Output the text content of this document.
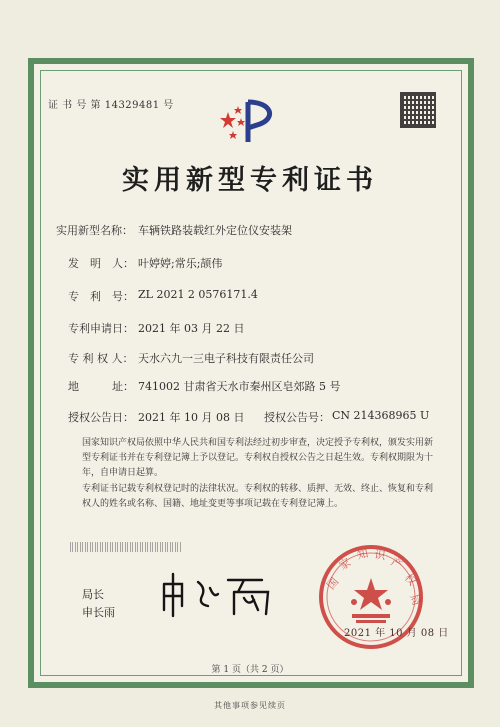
证 书 号 第 14329481 号
实用新型专利证书
实用新型名称： 车辆铁路装载红外定位仪安装架
发　明　人： 叶婷婷;常乐;颉伟
专　利　号： ZL 2021 2 0576171.4
专利申请日： 2021 年 03 月 22 日
专 利 权 人： 天水六九一三电子科技有限责任公司
地　　　址： 741002 甘肃省天水市秦州区皂郊路 5 号
授权公告日： 2021 年 10 月 08 日 授权公告号： CN 214368965 U
国家知识产权局依照中华人民共和国专利法经过初步审查，决定授予专利权，颁发实用新型专利证书并在专利登记簿上予以登记。专利权自授权公告之日起生效。专利权期限为十年，自申请日起算。
专利证书记载专利权登记时的法律状况。专利权的转移、质押、无效、终止、恢复和专利权人的姓名或名称、国籍、地址变更等事项记载在专利登记簿上。
局长
申长雨
国
家
知 识 产
权
局
2021 年 10 月 08 日
第 1 页（共 2 页）
其他事项参见续页
